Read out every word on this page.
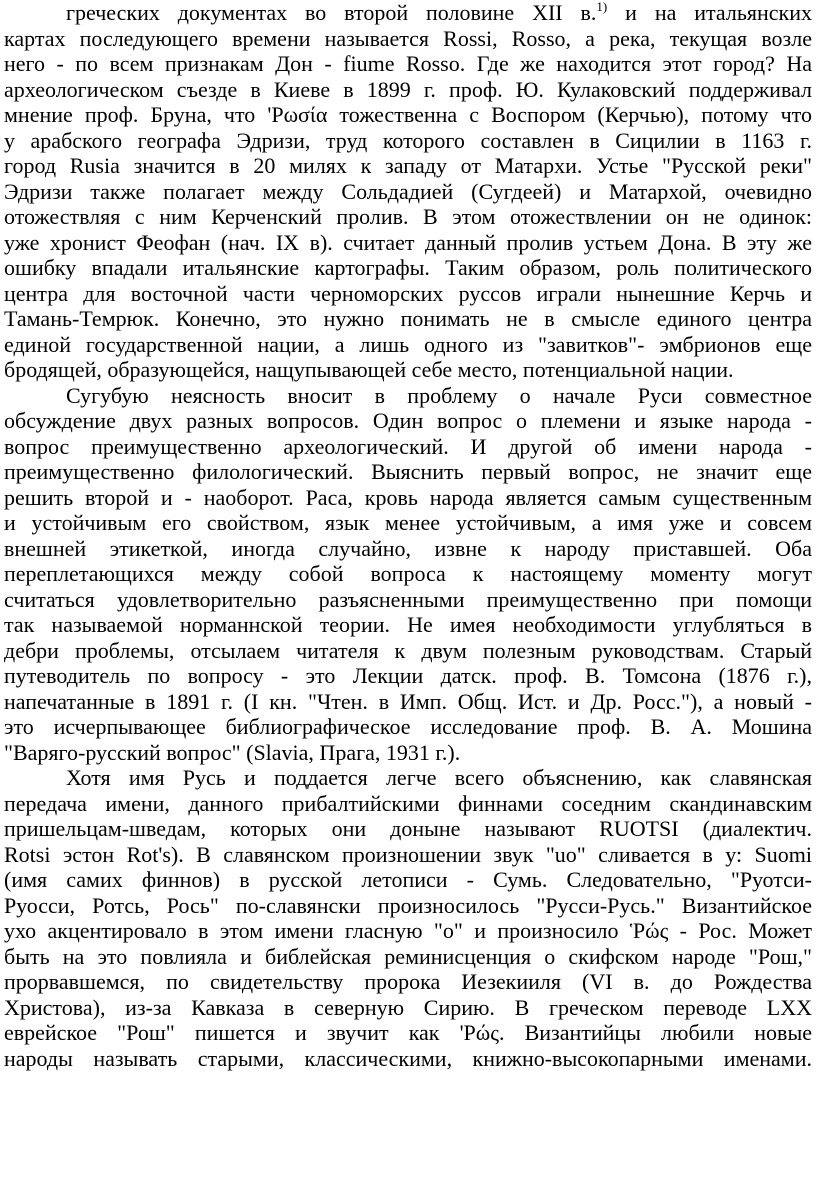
греческих документах во второй половине XII в.$^{1)}$ и на итальянских
картах последующего времени называется Rossi, Rosso, а река, текущая возле
него - по всем признакам Дон - fiume Rosso. Где же находится этот город? На
археологическом съезде в Киеве в 1899 г. проф. Ю. Кулаковский поддерживал
мнение проф. Бруна, что 'Ρωσία тожественна с Воспором (Керчью), потому что
у арабского географа Эдризи, труд которого составлен в Сицилии в 1163 г.
город Rusia значится в 20 милях к западу от Матархи. Устье "Русской реки"
Эдризи также полагает между Сольдадией (Сугдеей) и Матархой, очевидно
отожествляя с ним Керченский пролив. В этом отожествлении он не одинок:
уже хронист Феофан (нач. IX в). считает данный пролив устьем Дона. В эту же
ошибку впадали итальянские картографы. Таким образом, роль политического
центра для восточной части черноморских руссов играли нынешние Керчь и
Тамань-Темрюк. Конечно, это нужно понимать не в смысле единого центра
единой государственной нации, а лишь одного из "завитков"- эмбрионов еще
бродящей, образующейся, нащупывающей себе место, потенциальной нации.
Сугубую неясность вносит в проблему о начале Руси совместное
обсуждение двух разных вопросов. Один вопрос о племени и языке народа -
вопрос преимущественно археологический. И другой об имени народа -
преимущественно филологический. Выяснить первый вопрос, не значит еще
решить второй и - наоборот. Раса, кровь народа является самым существенным
и устойчивым его свойством, язык менее устойчивым, а имя уже и совсем
внешней этикеткой, иногда случайно, извне к народу приставшей. Оба
переплетающихся между собой вопроса к настоящему моменту могут
считаться удовлетворительно разъясненными преимущественно при помощи
так называемой норманнской теории. Не имея необходимости углубляться в
дебри проблемы, отсылаем читателя к двум полезным руководствам. Старый
путеводитель по вопросу - это Лекции датск. проф. В. Томсона (1876 г.),
напечатанные в 1891 г. (I кн. "Чтен. в Имп. Общ. Ист. и Др. Росс."), а новый -
это исчерпывающее библиографическое исследование проф. В. А. Мошина
"Варяго-русский вопрос" (Slavia, Прага, 1931 г.).
Хотя имя Русь и поддается легче всего объяснению, как славянская
передача имени, данного прибалтийскими финнами соседним скандинавским
пришельцам-шведам, которых они доныне называют RUOTSI (диалектич.
Rotsi эстон Rot's). В славянском произношении звук "uo" сливается в у: Suomi
(имя самих финнов) в русской летописи - Сумь. Следовательно, "Руотси-
Руосси, Ротсь, Рось" по-славянски произносилось "Русси-Русь." Византийское
ухо акцентировало в этом имени гласную "о" и произносило Ῥώς - Рос. Может
быть на это повлияла и библейская реминисценция о скифском народе "Рош,"
прорвавшемся, по свидетельству пророка Иезекииля (VI в. до Рождества
Христова), из-за Кавказа в северную Сирию. В греческом переводе LXX
еврейское "Рош" пишется и звучит как 'Ρώς. Византийцы любили новые
народы называть старыми, классическими, книжно-высокопарными именами.
